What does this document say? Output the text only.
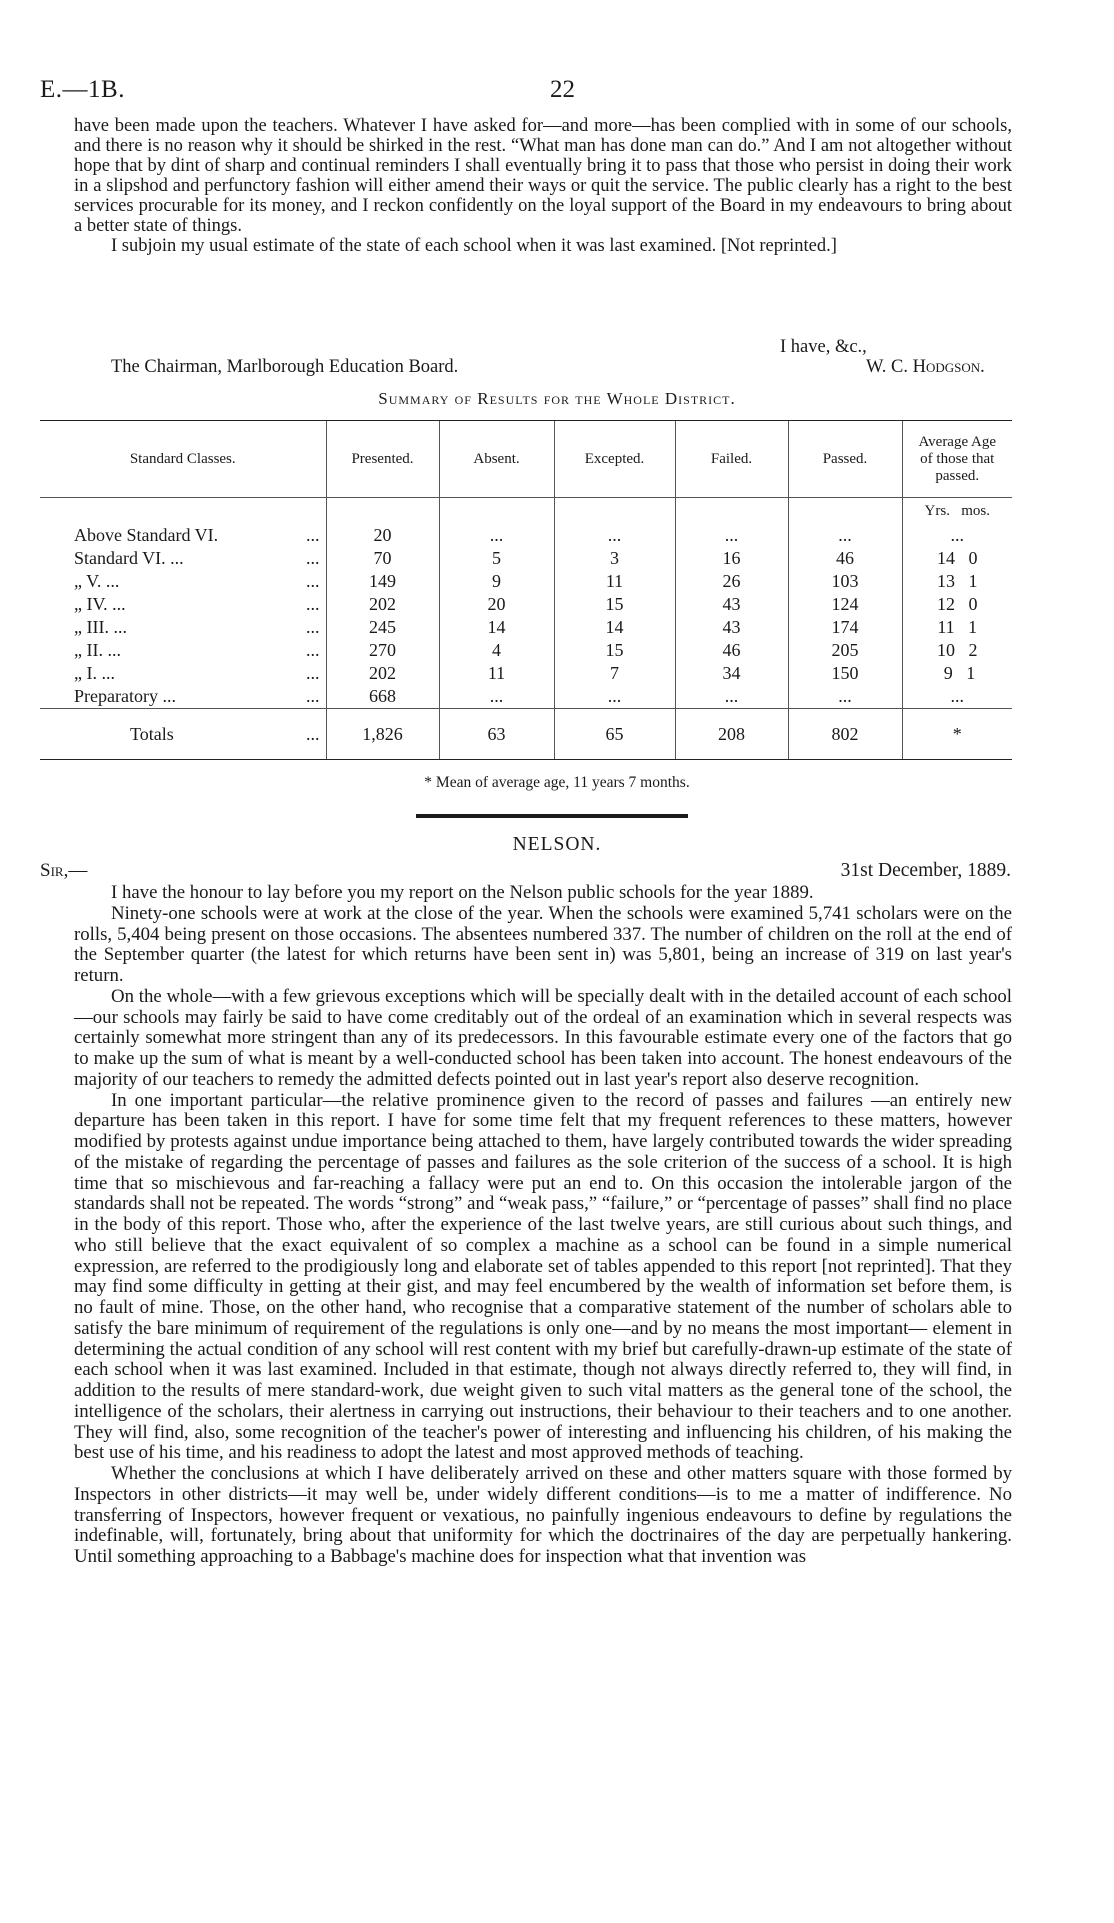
E.—1B.	22

have been made upon the teachers. Whatever I have asked for—and more—has been complied with in some of our schools, and there is no reason why it should be shirked in the rest. “What man has done man can do.” And I am not altogether without hope that by dint of sharp and continual reminders I shall eventually bring it to pass that those who persist in doing their work in a slipshod and perfunctory fashion will either amend their ways or quit the service. The public clearly has a right to the best services procurable for its money, and I reckon confidently on the loyal support of the Board in my endeavours to bring about a better state of things.

I subjoin my usual estimate of the state of each school when it was last examined. [Not reprinted.]

I have, &c.,
The Chairman, Marlborough Education Board.	W. C. Hodgson.
Summary of Results for the Whole District.
Standard Classes.	Presented.	Absent.	Excepted.	Failed.	Passed.	Average Age of those that passed.
						Yrs.   mos.

...
Above Standard VI.	20	...	...	...	...	...

...
Standard VI. ...	70	5	3	16	46	14   0

...
„ V. ...	149	9	11	26	103	13   1

...
„ IV. ...	202	20	15	43	124	12   0

...
„ III. ...	245	14	14	43	174	11   1

...
„ II. ...	270	4	15	46	205	10   2

...
„ I. ...	202	11	7	34	150	9   1

...
Preparatory ...	668	...	...	...	...	...

...
Totals	1,826	63	65	208	802	*
* Mean of average age, 11 years 7 months.
NELSON.
Sir,—	31st December, 1889.

I have the honour to lay before you my report on the Nelson public schools for the year 1889.

Ninety-one schools were at work at the close of the year. When the schools were examined 5,741 scholars were on the rolls, 5,404 being present on those occasions. The absentees numbered 337. The number of children on the roll at the end of the September quarter (the latest for which returns have been sent in) was 5,801, being an increase of 319 on last year's return.

On the whole—with a few grievous exceptions which will be specially dealt with in the detailed account of each school—our schools may fairly be said to have come creditably out of the ordeal of an examination which in several respects was certainly somewhat more stringent than any of its predecessors. In this favourable estimate every one of the factors that go to make up the sum of what is meant by a well-conducted school has been taken into account. The honest endeavours of the majority of our teachers to remedy the admitted defects pointed out in last year's report also deserve recognition.

In one important particular—the relative prominence given to the record of passes and failures —an entirely new departure has been taken in this report. I have for some time felt that my frequent references to these matters, however modified by protests against undue importance being attached to them, have largely contributed towards the wider spreading of the mistake of regarding the percentage of passes and failures as the sole criterion of the success of a school. It is high time that so mischievous and far-reaching a fallacy were put an end to. On this occasion the intolerable jargon of the standards shall not be repeated. The words “strong” and “weak pass,” “failure,” or “percentage of passes” shall find no place in the body of this report. Those who, after the experience of the last twelve years, are still curious about such things, and who still believe that the exact equivalent of so complex a machine as a school can be found in a simple numerical expression, are referred to the prodigiously long and elaborate set of tables appended to this report [not reprinted]. That they may find some difficulty in getting at their gist, and may feel encumbered by the wealth of information set before them, is no fault of mine. Those, on the other hand, who recognise that a comparative statement of the number of scholars able to satisfy the bare minimum of requirement of the regulations is only one—and by no means the most important— element in determining the actual condition of any school will rest content with my brief but carefully-drawn-up estimate of the state of each school when it was last examined. Included in that estimate, though not always directly referred to, they will find, in addition to the results of mere standard-work, due weight given to such vital matters as the general tone of the school, the intelligence of the scholars, their alertness in carrying out instructions, their behaviour to their teachers and to one another. They will find, also, some recognition of the teacher's power of interesting and influencing his children, of his making the best use of his time, and his readiness to adopt the latest and most approved methods of teaching.

Whether the conclusions at which I have deliberately arrived on these and other matters square with those formed by Inspectors in other districts—it may well be, under widely different conditions—is to me a matter of indifference. No transferring of Inspectors, however frequent or vexatious, no painfully ingenious endeavours to define by regulations the indefinable, will, fortunately, bring about that uniformity for which the doctrinaires of the day are perpetually hankering. Until something approaching to a Babbage's machine does for inspection what that invention was
